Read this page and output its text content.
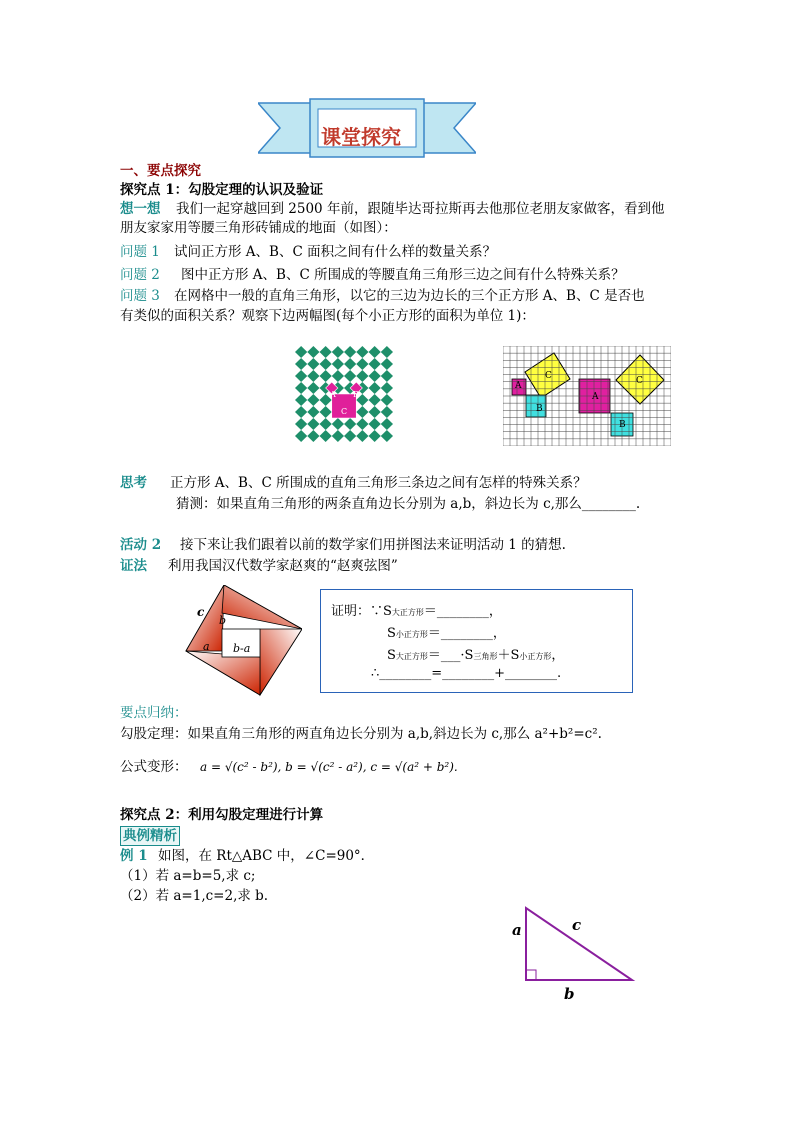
课堂探究
一、要点探究
探究点 1：勾股定理的认识及验证
想一想 我们一起穿越回到 2500 年前，跟随毕达哥拉斯再去他那位老朋友家做客，看到他
朋友家家用等腰三角形砖铺成的地面（如图）：
问题 1 试问正方形 A、B、C 面积之间有什么样的数量关系？
问题 2 图中正方形 A、B、C 所围成的等腰直角三角形三边之间有什么特殊关系？
问题 3 在网格中一般的直角三角形，以它的三边为边长的三个正方形 A、B、C 是否也
有类似的面积关系？观察下边两幅图(每个小正方形的面积为单位 1)：
A B
C
C
A
B
C
A
B
思考 正方形 A、B、C 所围成的直角三角形三条边之间有怎样的特殊关系？
猜测：如果直角三角形的两条直角边长分别为 a,b，斜边长为 c,那么________.
活动 2 接下来让我们跟着以前的数学家们用拼图法来证明活动 1 的猜想.
证法 利用我国汉代数学家赵爽的“赵爽弦图”
c
b
a b-a
证明：∵S大正方形＝________，
S小正方形＝________，
S大正方形＝___·S三角形＋S小正方形，
∴________=________+________.
要点归纳：
勾股定理：如果直角三角形的两直角边长分别为 a,b,斜边长为 c,那么 a²+b²=c².
公式变形： a = √(c² - b²), b = √(c² - a²), c = √(a² + b²).
探究点 2：利用勾股定理进行计算
典例精析
例 1 如图，在 Rt△ABC 中，∠C=90°．
（1）若 a=b=5,求 c;
（2）若 a=1,c=2,求 b.
a	c
b
